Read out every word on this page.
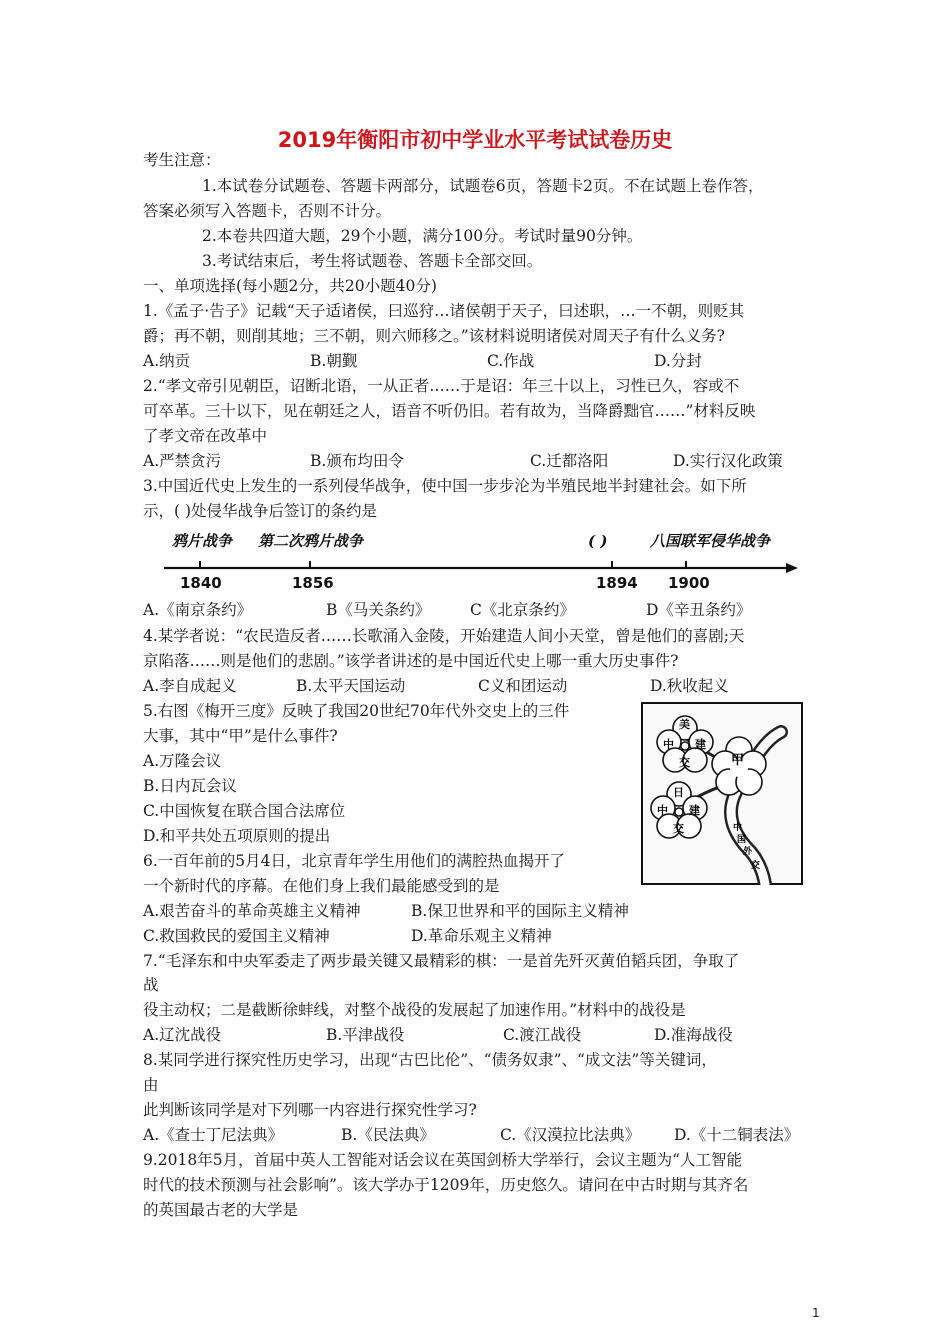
2019年衡阳市初中学业水平考试试卷历史
考生注意：
1.本试卷分试题卷、答题卡两部分，试题卷6页，答题卡2页。不在试题上卷作答，
答案必须写入答题卡，否则不计分。
2.本卷共四道大题，29个小题，满分100分。考试时量90分钟。
3.考试结束后，考生将试题卷、答题卡全部交回。
一、单项选择(每小题2分，共20小题40分)
1.《孟子·告子》记载“天子适诸侯，曰巡狩…诸侯朝于天子，曰述职，…一不朝，则贬其
爵；再不朝，则削其地；三不朝，则六师移之。”该材料说明诸侯对周天子有什么义务?
A.纳贡	B.朝觐	C.作战	D.分封
2.“孝文帝引见朝臣，诏断北语，一从正者……于是诏：年三十以上，习性已久，容或不
可卒革。三十以下，见在朝廷之人，语音不听仍旧。若有故为，当降爵黜官……”材料反映
了孝文帝在改革中
A.严禁贪污	B.颁布均田令	C.迁都洛阳	D.实行汉化政策
3.中国近代史上发生的一系列侵华战争，使中国一步步沦为半殖民地半封建社会。如下所
示，( )处侵华战争后签订的条约是
鸦片战争 第二次鸦片战争	( )	八国联军侵华战争
1840	1856	1894 1900
A.《南京条约》	B《马关条约》	C《北京条约》	D《辛丑条约》
4.某学者说：“农民造反者……长歌涌入金陵，开始建造人间小天堂，曾是他们的喜剧;天
京陷落……则是他们的悲剧。”该学者讲述的是中国近代史上哪一重大历史事件?
A.李自成起义	B.太平天国运动	C义和团运动	D.秋收起义
5.右图《梅开三度》反映了我国20世纪70年代外交史上的三件
大事，其中“甲”是什么事件?
A.万隆会议
B.日内瓦会议
C.中国恢复在联合国合法席位
D.和平共处五项原则的提出
美
中 建
交	甲
日
中 建
交	中
国
外
交
6.一百年前的5月4日，北京青年学生用他们的满腔热血揭开了
一个新时代的序幕。在他们身上我们最能感受到的是
A.艰苦奋斗的革命英雄主义精神	B.保卫世界和平的国际主义精神
C.救国救民的爱国主义精神	D.革命乐观主义精神
7.“毛泽东和中央军委走了两步最关键又最精彩的棋：一是首先歼灭黄伯韬兵团，争取了
战
役主动权；二是截断徐蚌线，对整个战役的发展起了加速作用。”材料中的战役是
A.辽沈战役	B.平津战役	C.渡江战役	D.准海战役
8.某同学进行探究性历史学习，出现“古巴比伦”、“债务奴隶”、“成文法”等关键词，
由
此判断该同学是对下列哪一内容进行探究性学习?
A.《查士丁尼法典》	B.《民法典》	C.《汉漠拉比法典》 D.《十二铜表法》
9.2018年5月，首届中英人工智能对话会议在英国剑桥大学举行，会议主题为“人工智能
时代的技术预测与社会影响”。该大学办于1209年，历史悠久。请问在中古时期与其齐名
的英国最古老的大学是
1
